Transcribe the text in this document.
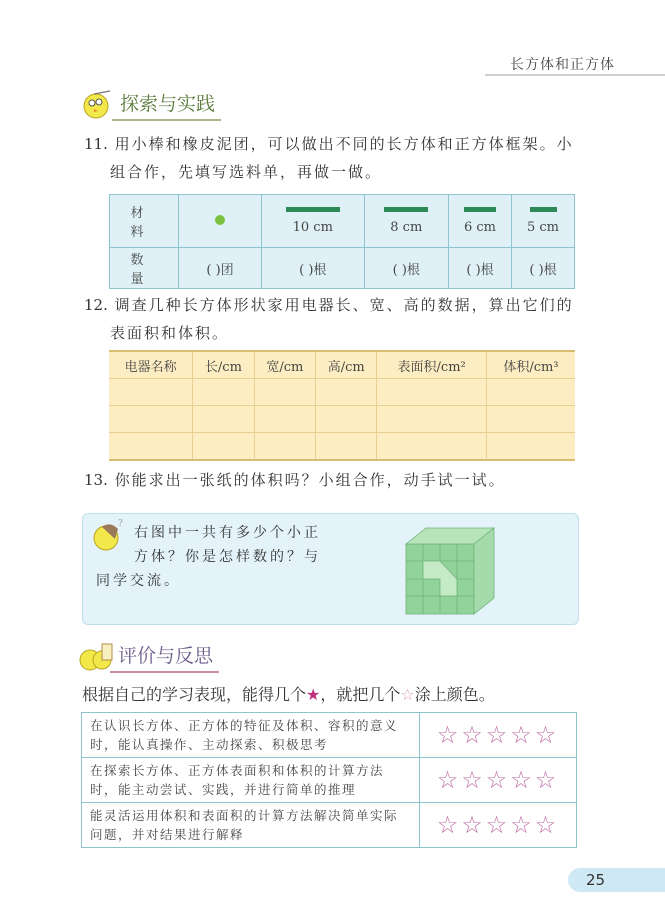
长方体和正方体
探索与实践
11. 用小棒和橡皮泥团，可以做出不同的长方体和正方体框架。小
组合作，先填写选料单，再做一做。
材 料		10 cm	8 cm	6 cm	5 cm
数 量	( )团	( )根	( )根	( )根	( )根
12. 调查几种长方体形状家用电器长、宽、高的数据，算出它们的
表面积和体积。
电器名称	长/cm	宽/cm	高/cm	表面积/cm²	体积/cm³

13. 你能求出一张纸的体积吗？小组合作，动手试一试。
?
右图中一共有多少个小正
方体？你是怎样数的？与
同学交流。
评价与反思
根据自己的学习表现，能得几个★，就把几个☆涂上颜色。
在认识长方体、正方体的特征及体积、容积的意义时，能认真操作、主动探索、积极思考	☆☆☆☆☆
在探索长方体、正方体表面积和体积的计算方法时，能主动尝试、实践，并进行简单的推理	☆☆☆☆☆
能灵活运用体积和表面积的计算方法解决简单实际问题，并对结果进行解释	☆☆☆☆☆
25
